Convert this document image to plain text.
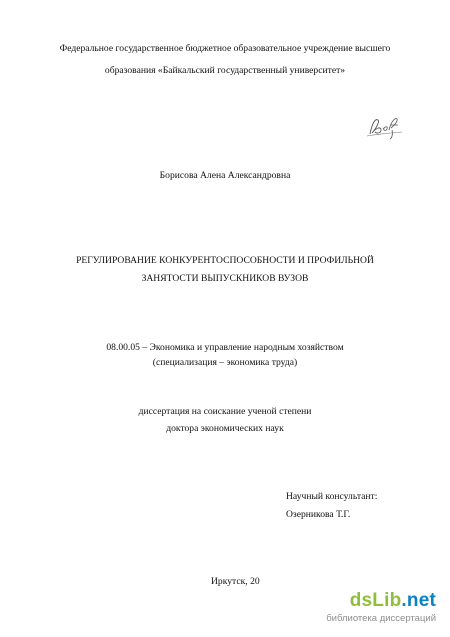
Федеральное государственное бюджетное образовательное учреждение высшего
образования «Байкальский государственный университет»
Борисова Алена Александровна
РЕГУЛИРОВАНИЕ КОНКУРЕНТОСПОСОБНОСТИ И ПРОФИЛЬНОЙ
ЗАНЯТОСТИ ВЫПУСКНИКОВ ВУЗОВ
08.00.05 – Экономика и управление народным хозяйством
(специализация – экономика труда)
диссертация на соискание ученой степени
доктора экономических наук
Научный консультант:
Озерникова Т.Г.
Иркутск, 20
dsLib.net
библиотека диссертаций
